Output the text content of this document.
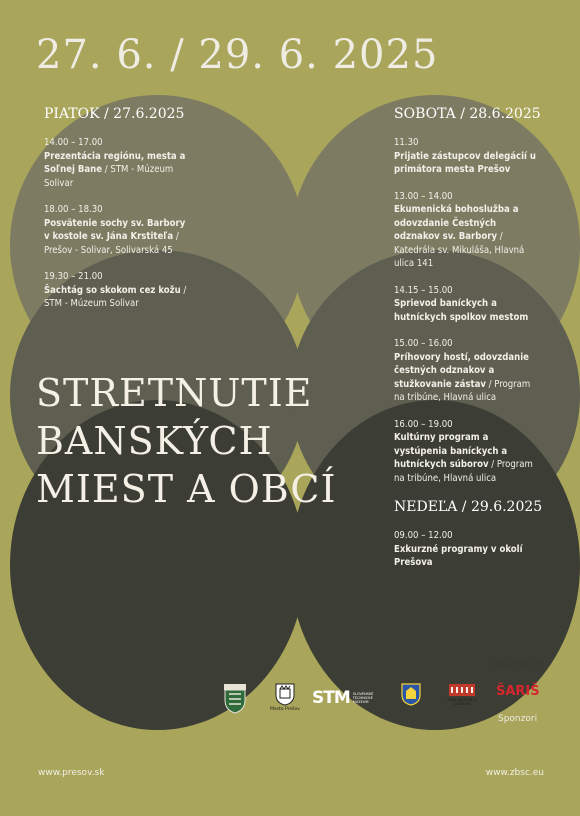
27. 6. / 29. 6. 2025
PIATOK / 27.6.2025
14.00 – 17.00
Prezentácia regiónu, mesta a Soľnej Bane / STM - Múzeum Solivar
18.00 – 18.30
Posvätenie sochy sv. Barbory v kostole sv. Jána Krstiteľa / Prešov - Solivar, Solivarská 45
19.30 – 21.00
Šachtág so skokom cez kožu / STM - Múzeum Solivar
SOBOTA / 28.6.2025
11.30
Prijatie zástupcov delegácií u primátora mesta Prešov
13.00 – 14.00
Ekumenická bohoslužba a odovzdanie Čestných odznakov sv. Barbory / Katedrála sv. Mikuláša, Hlavná ulica 141
14.15 – 15.00
Sprievod baníckych a hutníckych spolkov mestom
15.00 – 16.00
Príhovory hostí, odovzdanie čestných odznakov a stužkovanie zástav / Program na tribúne, Hlavná ulica
16.00 – 19.00
Kultúrny program a vystúpenia baníckych a hutníckych súborov / Program na tribúne, Hlavná ulica
NEDEĽA / 29.6.2025
09.00 – 12.00
Exkurzné programy v okolí Prešova
STRETNUTIE
BANSKÝCH
MIEST A OBCÍ
Organizátori
Mesto Prešov
STM SLOVENSKÉ TECHNICKÉ MÚZEUM	PARK KULTÚRY A ODDYCHU
ŠARIŠ
Sponzori
www.presov.sk	www.zbsc.eu
